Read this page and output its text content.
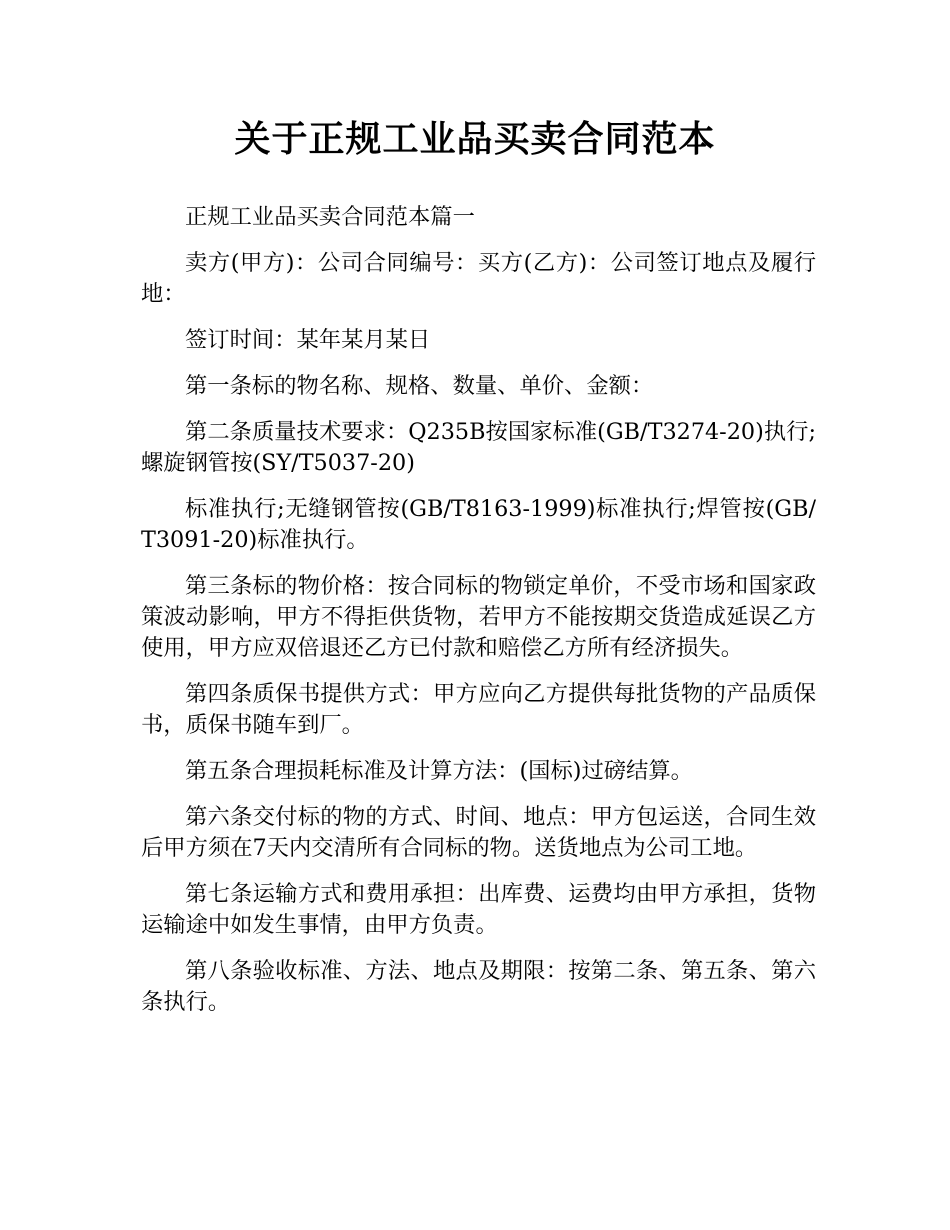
关于正规工业品买卖合同范本

正规工业品买卖合同范本篇一

卖方(甲方)：公司合同编号：买方(乙方)：公司签订地点及履行地：

签订时间：某年某月某日

第一条标的物名称、规格、数量、单价、金额：

第二条质量技术要求：Q235B按国家标准(GB/T3274-20)执行;螺旋钢管按(SY/T5037-20)

标准执行;无缝钢管按(GB/T8163-1999)标准执行;焊管按(GB/T3091-20)标准执行。

第三条标的物价格：按合同标的物锁定单价，不受市场和国家政策波动影响，甲方不得拒供货物，若甲方不能按期交货造成延误乙方使用，甲方应双倍退还乙方已付款和赔偿乙方所有经济损失。

第四条质保书提供方式：甲方应向乙方提供每批货物的产品质保书，质保书随车到厂。

第五条合理损耗标准及计算方法：(国标)过磅结算。

第六条交付标的物的方式、时间、地点：甲方包运送，合同生效后甲方须在7天内交清所有合同标的物。送货地点为公司工地。

第七条运输方式和费用承担：出库费、运费均由甲方承担，货物运输途中如发生事情，由甲方负责。

第八条验收标准、方法、地点及期限：按第二条、第五条、第六条执行。
